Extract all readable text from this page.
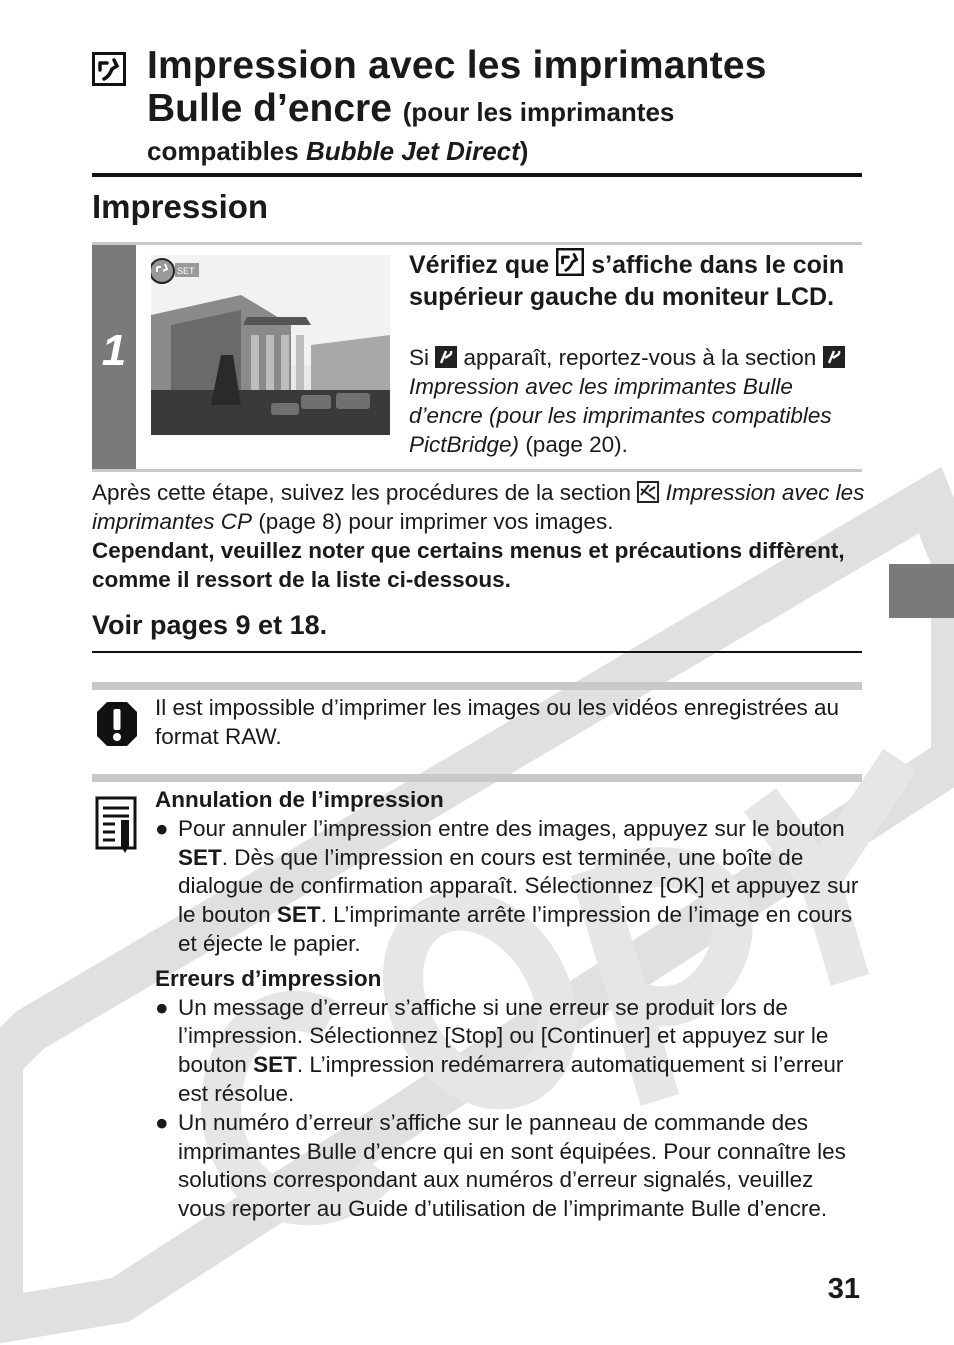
Impression avec les imprimantes
Bulle d’encre (pour les imprimantes
compatibles Bubble Jet Direct)
Impression
1
SET	Vérifiez que s’affiche dans le coin supérieur gauche du moniteur LCD.
Si apparaît, reportez-vous à la section  Impression avec les imprimantes Bulle d’encre (pour les imprimantes compatibles PictBridge) (page 20).
Après cette étape, suivez les procédures de la section Impression avec les imprimantes CP (page 8) pour imprimer vos images.
Cependant, veuillez noter que certains menus et précautions diffèrent, comme il ressort de la liste ci-dessous.
Voir pages 9 et 18.
Il est impossible d’imprimer les images ou les vidéos enregistrées au format RAW.
Annulation de l’impression
● Pour annuler l’impression entre des images, appuyez sur le bouton SET. Dès que l’impression en cours est terminée, une boîte de dialogue de confirmation apparaît. Sélectionnez [OK] et appuyez sur le bouton SET. L’imprimante arrête l’impression de l’image en cours et éjecte le papier.
Erreurs d’impression
● Un message d’erreur s’affiche si une erreur se produit lors de l’impression. Sélectionnez [Stop] ou [Continuer] et appuyez sur le bouton SET. L’impression redémarrera automatiquement si l’erreur est résolue.
● Un numéro d’erreur s’affiche sur le panneau de commande des imprimantes Bulle d’encre qui en sont équipées. Pour connaître les solutions correspondant aux numéros d’erreur signalés, veuillez vous reporter au Guide d’utilisation de l’imprimante Bulle d’encre.
31
